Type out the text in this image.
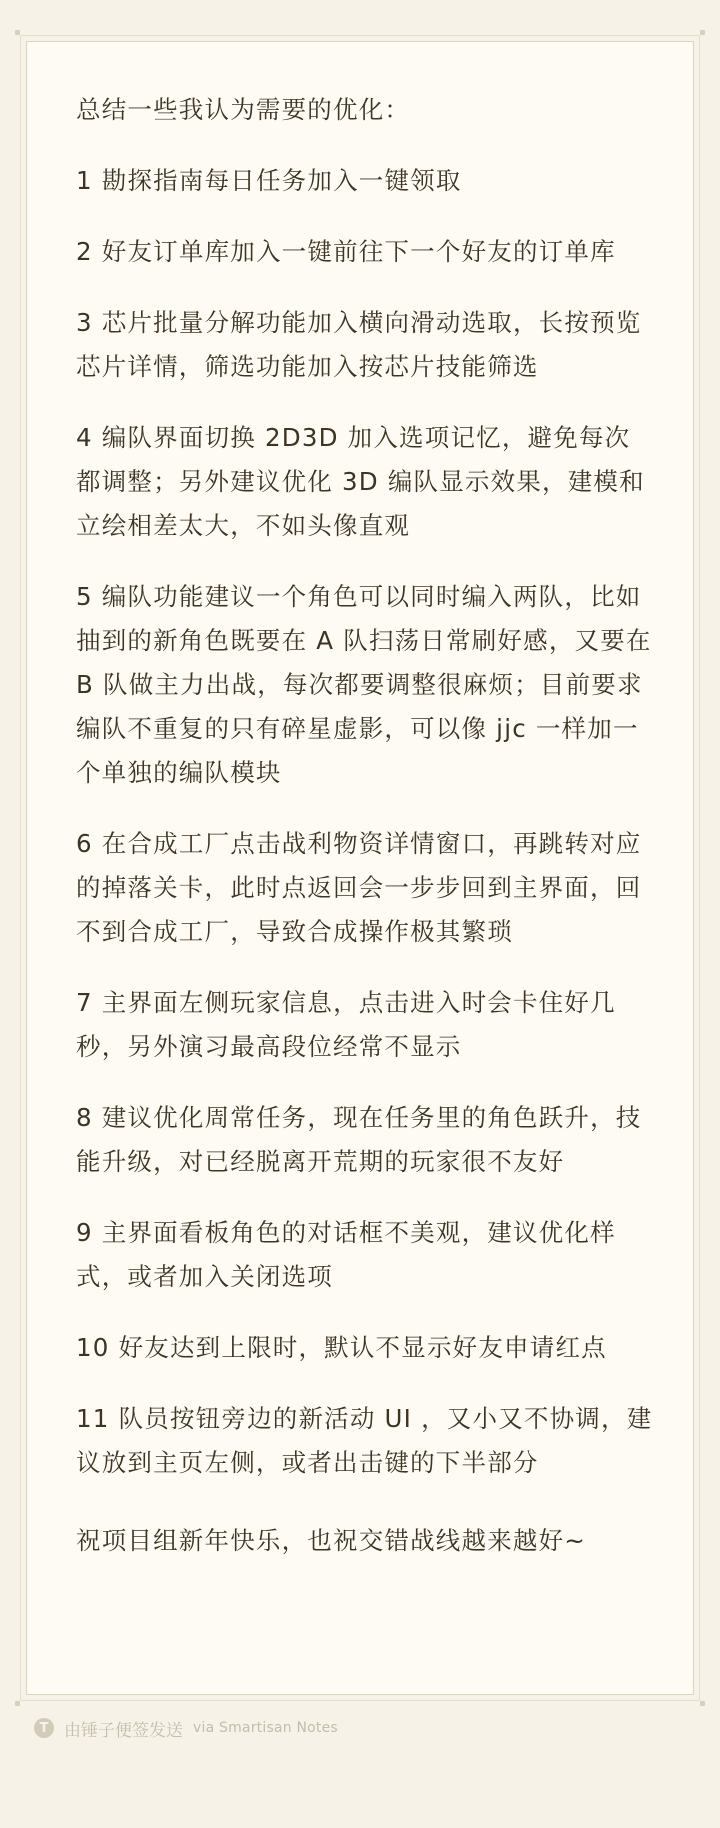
总结一些我认为需要的优化：

1 勘探指南每日任务加入一键领取

2 好友订单库加入一键前往下一个好友的订单库

3 芯片批量分解功能加入横向滑动选取，长按预览芯片详情，筛选功能加入按芯片技能筛选

4 编队界面切换 2D3D 加入选项记忆，避免每次都调整；另外建议优化 3D 编队显示效果，建模和立绘相差太大，不如头像直观

5 编队功能建议一个角色可以同时编入两队，比如抽到的新角色既要在 A 队扫荡日常刷好感，又要在 B 队做主力出战，每次都要调整很麻烦；目前要求编队不重复的只有碎星虚影，可以像 jjc 一样加一个单独的编队模块

6 在合成工厂点击战利物资详情窗口，再跳转对应的掉落关卡，此时点返回会一步步回到主界面，回不到合成工厂，导致合成操作极其繁琐

7 主界面左侧玩家信息，点击进入时会卡住好几秒，另外演习最高段位经常不显示

8 建议优化周常任务，现在任务里的角色跃升，技能升级，对已经脱离开荒期的玩家很不友好

9 主界面看板角色的对话框不美观，建议优化样式，或者加入关闭选项

10 好友达到上限时，默认不显示好友申请红点

11 队员按钮旁边的新活动 UI ，又小又不协调，建议放到主页左侧，或者出击键的下半部分

祝项目组新年快乐，也祝交错战线越来越好~

T 由锤子便签发送 via Smartisan Notes
